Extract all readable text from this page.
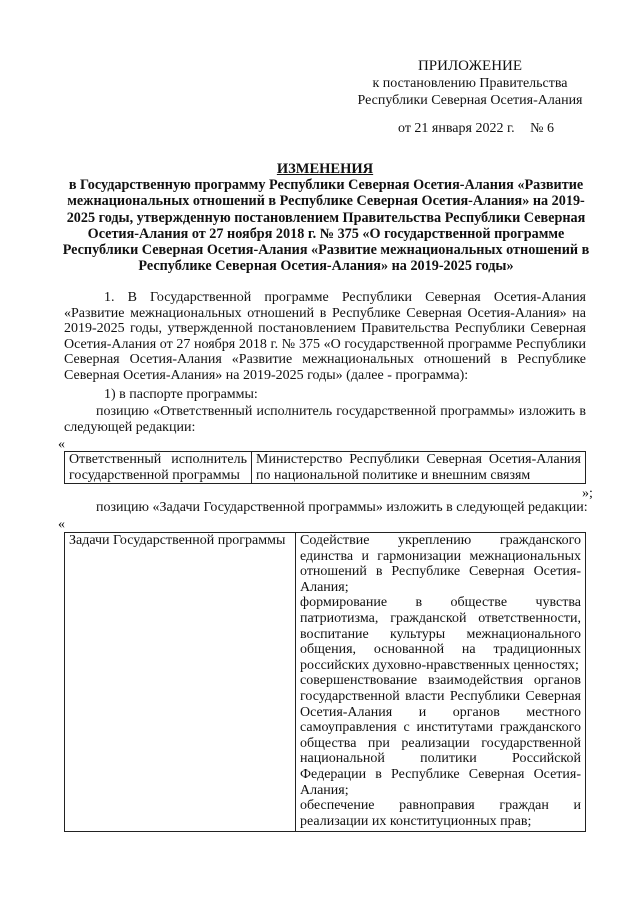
ПРИЛОЖЕНИЕ
к постановлению Правительства
Республики Северная Осетия-Алания
от 21 января 2022 г. № 6
ИЗМЕНЕНИЯ
в Государственную программу Республики Северная Осетия-Алания «Развитие
межнациональных отношений в Республике Северная Осетия-Алания» на 2019-
2025 годы, утвержденную постановлением Правительства Республики Северная
Осетия-Алания от 27 ноября 2018 г. № 375 «О государственной программе
Республики Северная Осетия-Алания «Развитие межнациональных отношений в
Республике Северная Осетия-Алания» на 2019-2025 годы»
1. В Государственной программе Республики Северная Осетия-Алания «Развитие межнациональных отношений в Республике Северная Осетия-Алания» на 2019-2025 годы, утвержденной постановлением Правительства Республики Северная Осетия-Алания от 27 ноября 2018 г. № 375 «О государственной программе Республики Северная Осетия-Алания «Развитие межнациональных отношений в Республике Северная Осетия-Алания» на 2019-2025 годы» (далее - программа):
1) в паспорте программы:
позицию «Ответственный исполнитель государственной программы» изложить в следующей редакции:
«
Ответственный исполнитель государственной программы	Министерство Республики Северная Осетия-Алания по национальной политике и внешним связям
»;
позицию «Задачи Государственной программы» изложить в следующей редакции:
«
Задачи Государственной программы	Содействие укреплению гражданского единства и гармонизации межнациональных отношений в Республике Северная Осетия-Алания;
формирование в обществе чувства патриотизма, гражданской ответственности, воспитание культуры межнационального общения, основанной на традиционных российских духовно-нравственных ценностях;
совершенствование взаимодействия органов государственной власти Республики Северная Осетия-Алания и органов местного самоуправления с институтами гражданского общества при реализации государственной национальной политики Российской Федерации в Республике Северная Осетия-Алания;
обеспечение равноправия граждан и реализации их конституционных прав;
